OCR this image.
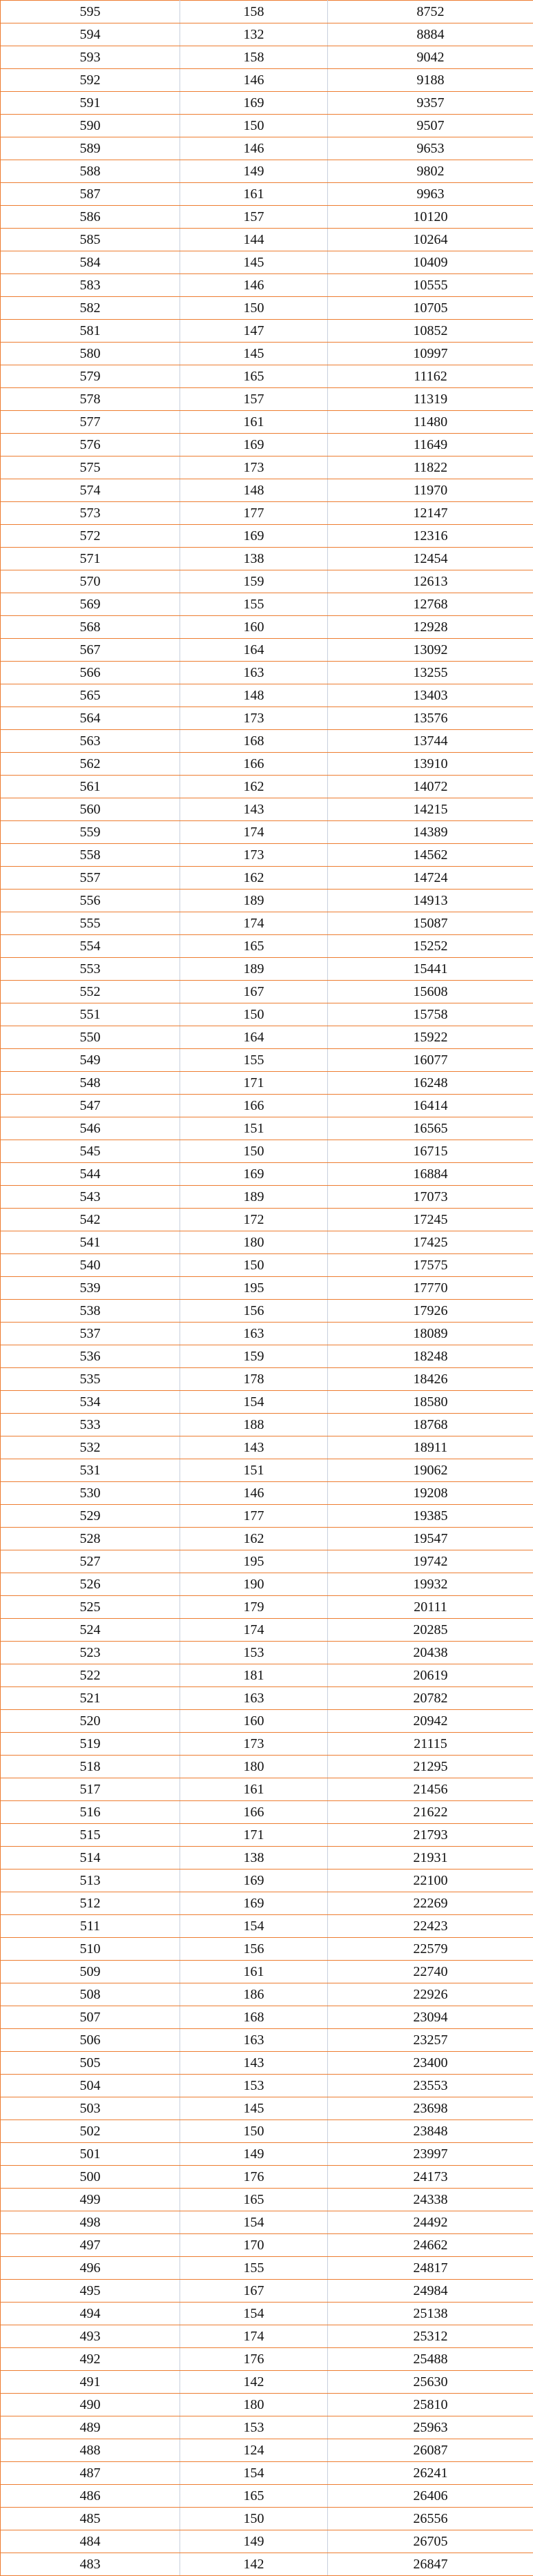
595	158	8752
594	132	8884
593	158	9042
592	146	9188
591	169	9357
590	150	9507
589	146	9653
588	149	9802
587	161	9963
586	157	10120
585	144	10264
584	145	10409
583	146	10555
582	150	10705
581	147	10852
580	145	10997
579	165	11162
578	157	11319
577	161	11480
576	169	11649
575	173	11822
574	148	11970
573	177	12147
572	169	12316
571	138	12454
570	159	12613
569	155	12768
568	160	12928
567	164	13092
566	163	13255
565	148	13403
564	173	13576
563	168	13744
562	166	13910
561	162	14072
560	143	14215
559	174	14389
558	173	14562
557	162	14724
556	189	14913
555	174	15087
554	165	15252
553	189	15441
552	167	15608
551	150	15758
550	164	15922
549	155	16077
548	171	16248
547	166	16414
546	151	16565
545	150	16715
544	169	16884
543	189	17073
542	172	17245
541	180	17425
540	150	17575
539	195	17770
538	156	17926
537	163	18089
536	159	18248
535	178	18426
534	154	18580
533	188	18768
532	143	18911
531	151	19062
530	146	19208
529	177	19385
528	162	19547
527	195	19742
526	190	19932
525	179	20111
524	174	20285
523	153	20438
522	181	20619
521	163	20782
520	160	20942
519	173	21115
518	180	21295
517	161	21456
516	166	21622
515	171	21793
514	138	21931
513	169	22100
512	169	22269
511	154	22423
510	156	22579
509	161	22740
508	186	22926
507	168	23094
506	163	23257
505	143	23400
504	153	23553
503	145	23698
502	150	23848
501	149	23997
500	176	24173
499	165	24338
498	154	24492
497	170	24662
496	155	24817
495	167	24984
494	154	25138
493	174	25312
492	176	25488
491	142	25630
490	180	25810
489	153	25963
488	124	26087
487	154	26241
486	165	26406
485	150	26556
484	149	26705
483	142	26847
